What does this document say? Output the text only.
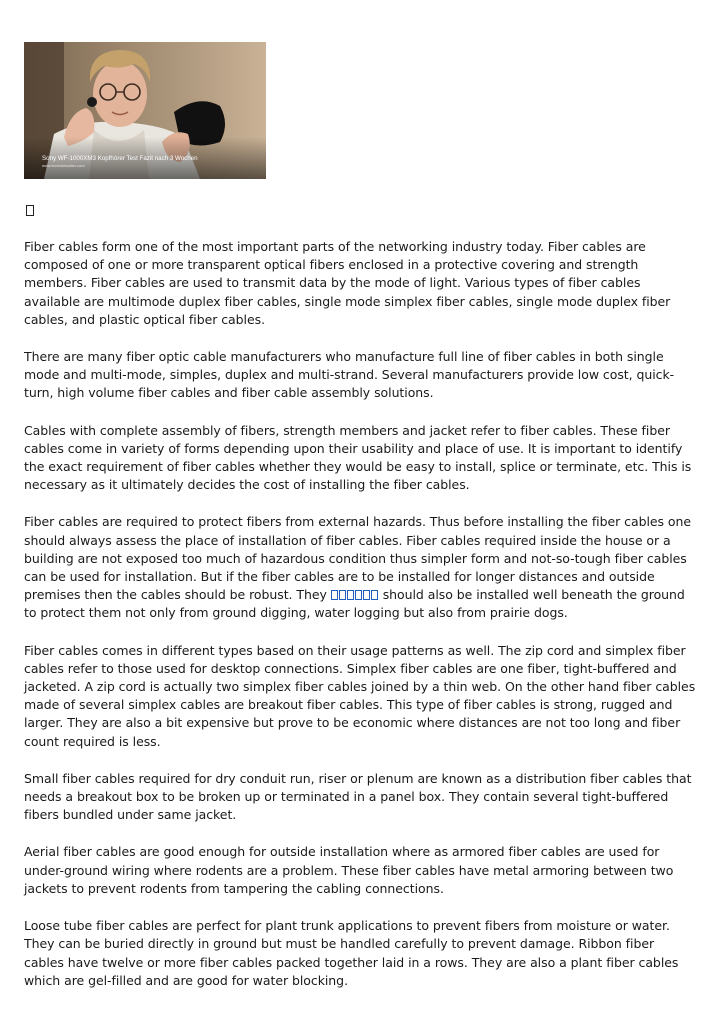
Sony WF-1000XM3 Kopfhörer Test Fazit nach 3 Wochen
www.technikfaultier.com

Fiber cables form one of the most important parts of the networking industry today. Fiber cables are composed of one or more transparent optical fibers enclosed in a protective covering and strength members. Fiber cables are used to transmit data by the mode of light. Various types of fiber cables available are multimode duplex fiber cables, single mode simplex fiber cables, single mode duplex fiber cables, and plastic optical fiber cables.

There are many fiber optic cable manufacturers who manufacture full line of fiber cables in both single mode and multi-mode, simples, duplex and multi-strand. Several manufacturers provide low cost, quick-turn, high volume fiber cables and fiber cable assembly solutions.

Cables with complete assembly of fibers, strength members and jacket refer to fiber cables. These fiber cables come in variety of forms depending upon their usability and place of use. It is important to identify the exact requirement of fiber cables whether they would be easy to install, splice or terminate, etc. This is necessary as it ultimately decides the cost of installing the fiber cables.

Fiber cables are required to protect fibers from external hazards. Thus before installing the fiber cables one should always assess the place of installation of fiber cables. Fiber cables required inside the house or a building are not exposed too much of hazardous condition thus simpler form and not-so-tough fiber cables can be used for installation. But if the fiber cables are to be installed for longer distances and outside premises then the cables should be robust. They	should also be installed well beneath the ground to protect them not only from ground digging, water logging but also from prairie dogs.

Fiber cables comes in different types based on their usage patterns as well. The zip cord and simplex fiber cables refer to those used for desktop connections. Simplex fiber cables are one fiber, tight-buffered and jacketed. A zip cord is actually two simplex fiber cables joined by a thin web. On the other hand fiber cables made of several simplex cables are breakout fiber cables. This type of fiber cables is strong, rugged and larger. They are also a bit expensive but prove to be economic where distances are not too long and fiber count required is less.

Small fiber cables required for dry conduit run, riser or plenum are known as a distribution fiber cables that needs a breakout box to be broken up or terminated in a panel box. They contain several tight-buffered fibers bundled under same jacket.

Aerial fiber cables are good enough for outside installation where as armored fiber cables are used for under-ground wiring where rodents are a problem. These fiber cables have metal armoring between two jackets to prevent rodents from tampering the cabling connections.

Loose tube fiber cables are perfect for plant trunk applications to prevent fibers from moisture or water. They can be buried directly in ground but must be handled carefully to prevent damage. Ribbon fiber cables have twelve or more fiber cables packed together laid in a rows. They are also a plant fiber cables which are gel-filled and are good for water blocking.
